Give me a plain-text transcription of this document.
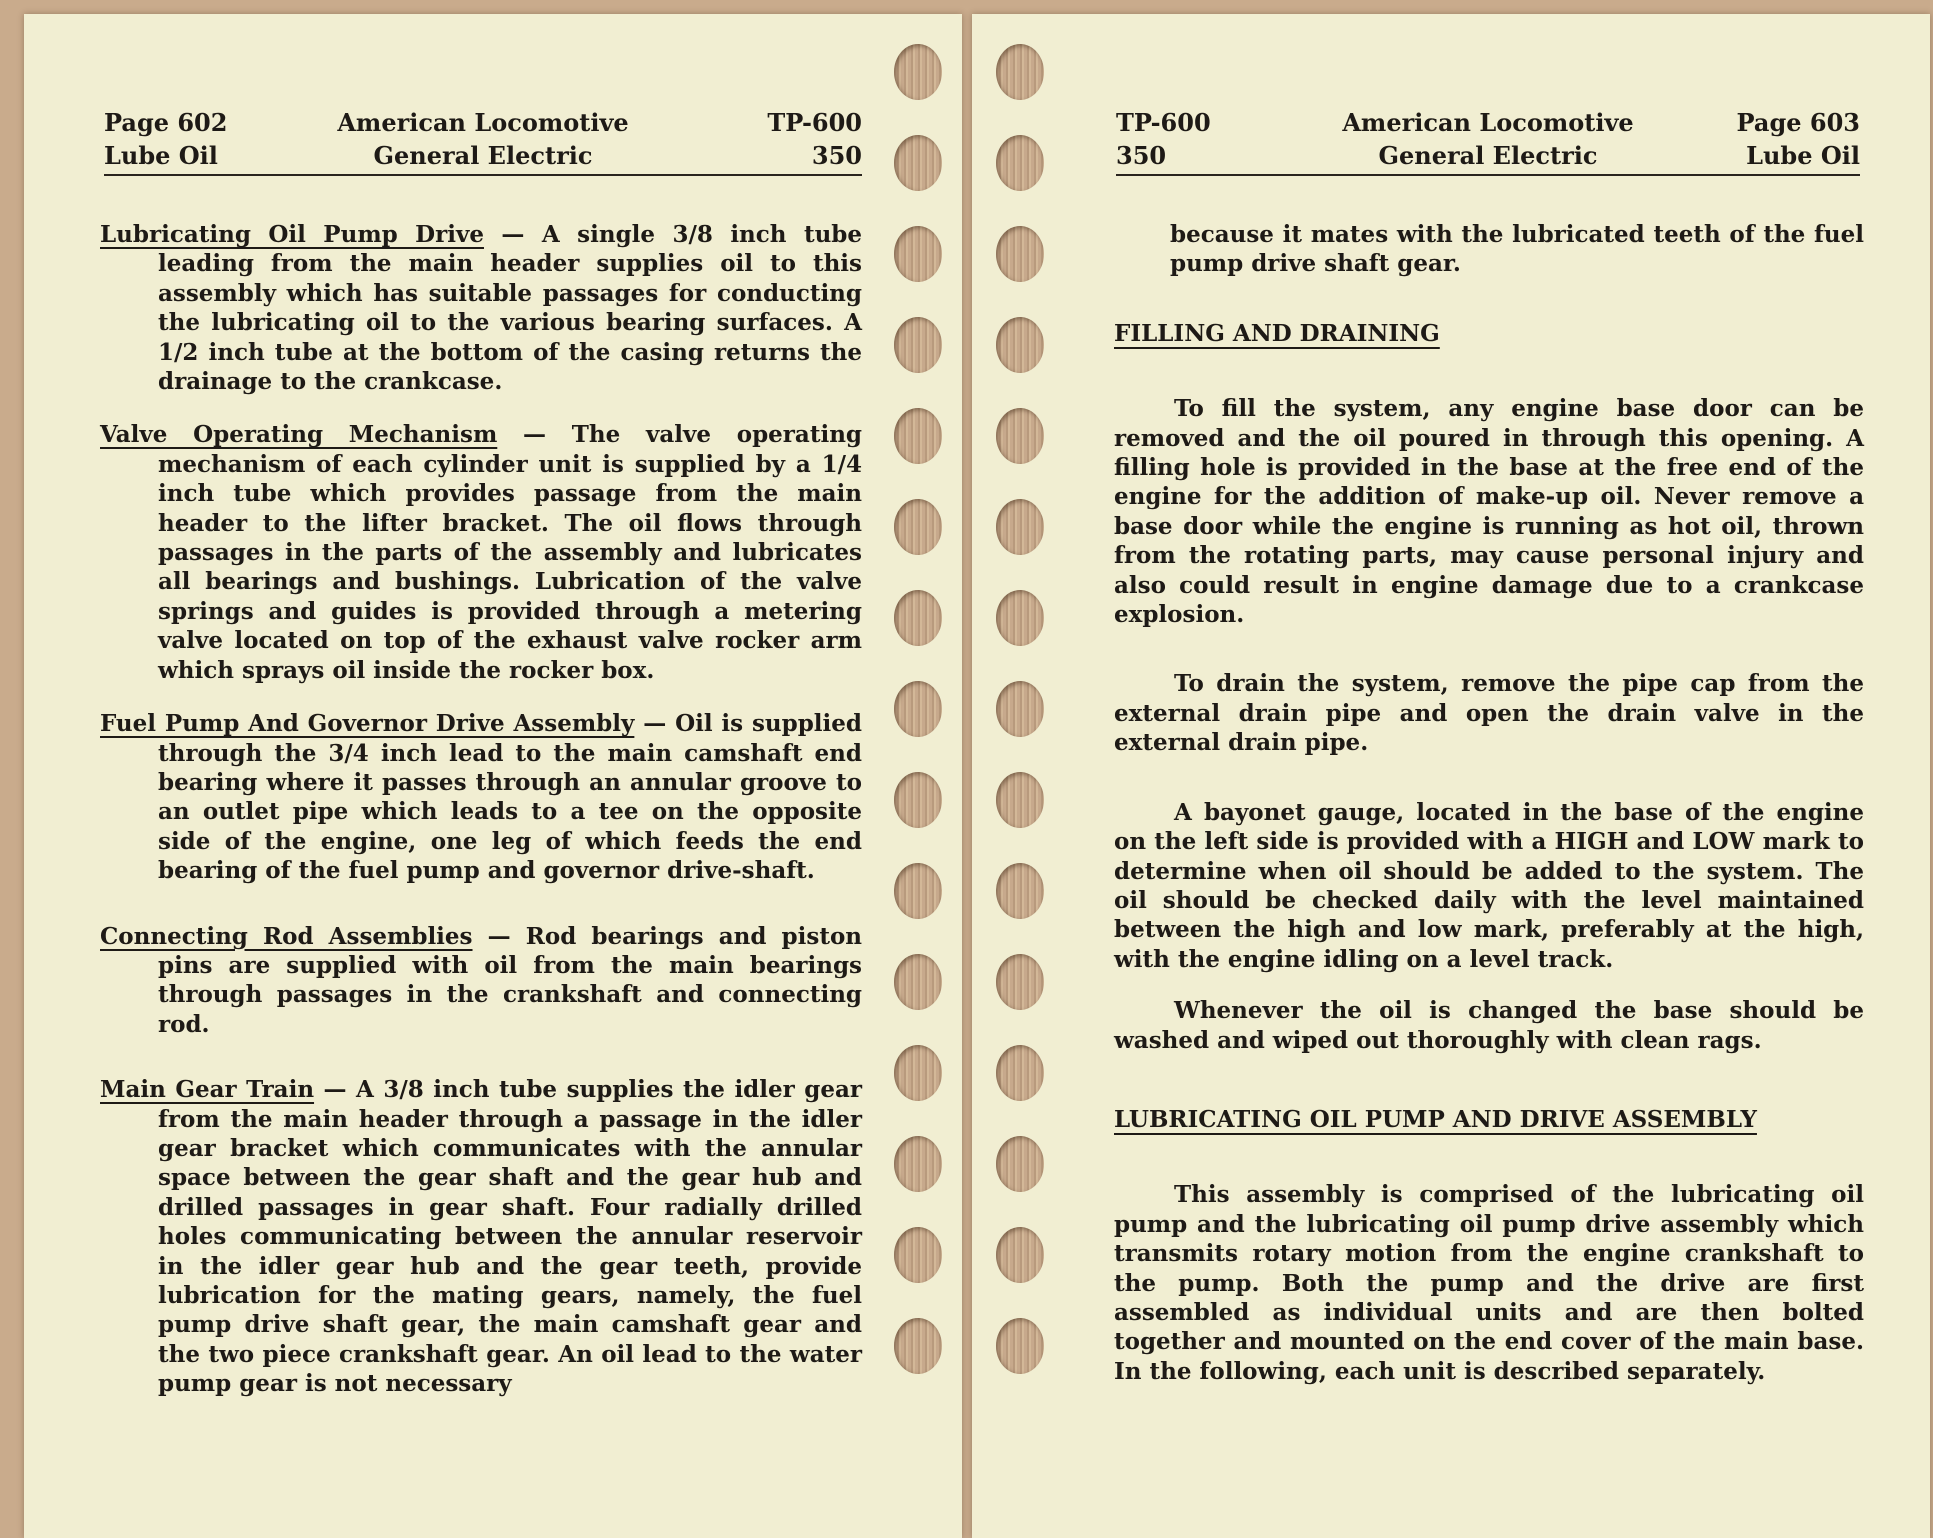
Page 602	American Locomotive	TP-600
Lube Oil	General Electric	350

Lubricating Oil Pump Drive — A single 3/8 inch tube leading from the main header supplies oil to this assembly which has suitable passages for conducting the lubricating oil to the various bearing surfaces. A 1/2 inch tube at the bottom of the casing returns the drainage to the crankcase.

Valve Operating Mechanism — The valve operating mechanism of each cylinder unit is supplied by a 1/4 inch tube which provides passage from the main header to the lifter bracket. The oil flows through passages in the parts of the assembly and lubricates all bearings and bushings. Lubrication of the valve springs and guides is provided through a metering valve located on top of the exhaust valve rocker arm which sprays oil inside the rocker box.

Fuel Pump And Governor Drive Assembly — Oil is supplied through the 3/4 inch lead to the main camshaft end bearing where it passes through an annular groove to an outlet pipe which leads to a tee on the opposite side of the engine, one leg of which feeds the end bearing of the fuel pump and governor drive-shaft.

Connecting Rod Assemblies — Rod bearings and piston pins are supplied with oil from the main bearings through passages in the crankshaft and connecting rod.

Main Gear Train — A 3/8 inch tube supplies the idler gear from the main header through a passage in the idler gear bracket which communicates with the annular space between the gear shaft and the gear hub and drilled passages in gear shaft. Four radially drilled holes communicating between the annular reservoir in the idler gear hub and the gear teeth, provide lubrication for the mating gears, namely, the fuel pump drive shaft gear, the main camshaft gear and the two piece crankshaft gear. An oil lead to the water pump gear is not necessary

TP-600	American Locomotive	Page 603
350	General Electric	Lube Oil

because it mates with the lubricated teeth of the fuel pump drive shaft gear.

FILLING AND DRAINING

To fill the system, any engine base door can be removed and the oil poured in through this opening. A filling hole is provided in the base at the free end of the engine for the addition of make-up oil. Never remove a base door while the engine is running as hot oil, thrown from the rotating parts, may cause personal injury and also could result in engine damage due to a crankcase explosion.

To drain the system, remove the pipe cap from the external drain pipe and open the drain valve in the external drain pipe.

A bayonet gauge, located in the base of the engine on the left side is provided with a HIGH and LOW mark to determine when oil should be added to the system. The oil should be checked daily with the level maintained between the high and low mark, preferably at the high, with the engine idling on a level track.

Whenever the oil is changed the base should be washed and wiped out thoroughly with clean rags.

LUBRICATING OIL PUMP AND DRIVE ASSEMBLY

This assembly is comprised of the lubricating oil pump and the lubricating oil pump drive assembly which transmits rotary motion from the engine crankshaft to the pump. Both the pump and the drive are first assembled as individual units and are then bolted together and mounted on the end cover of the main base. In the following, each unit is described separately.
